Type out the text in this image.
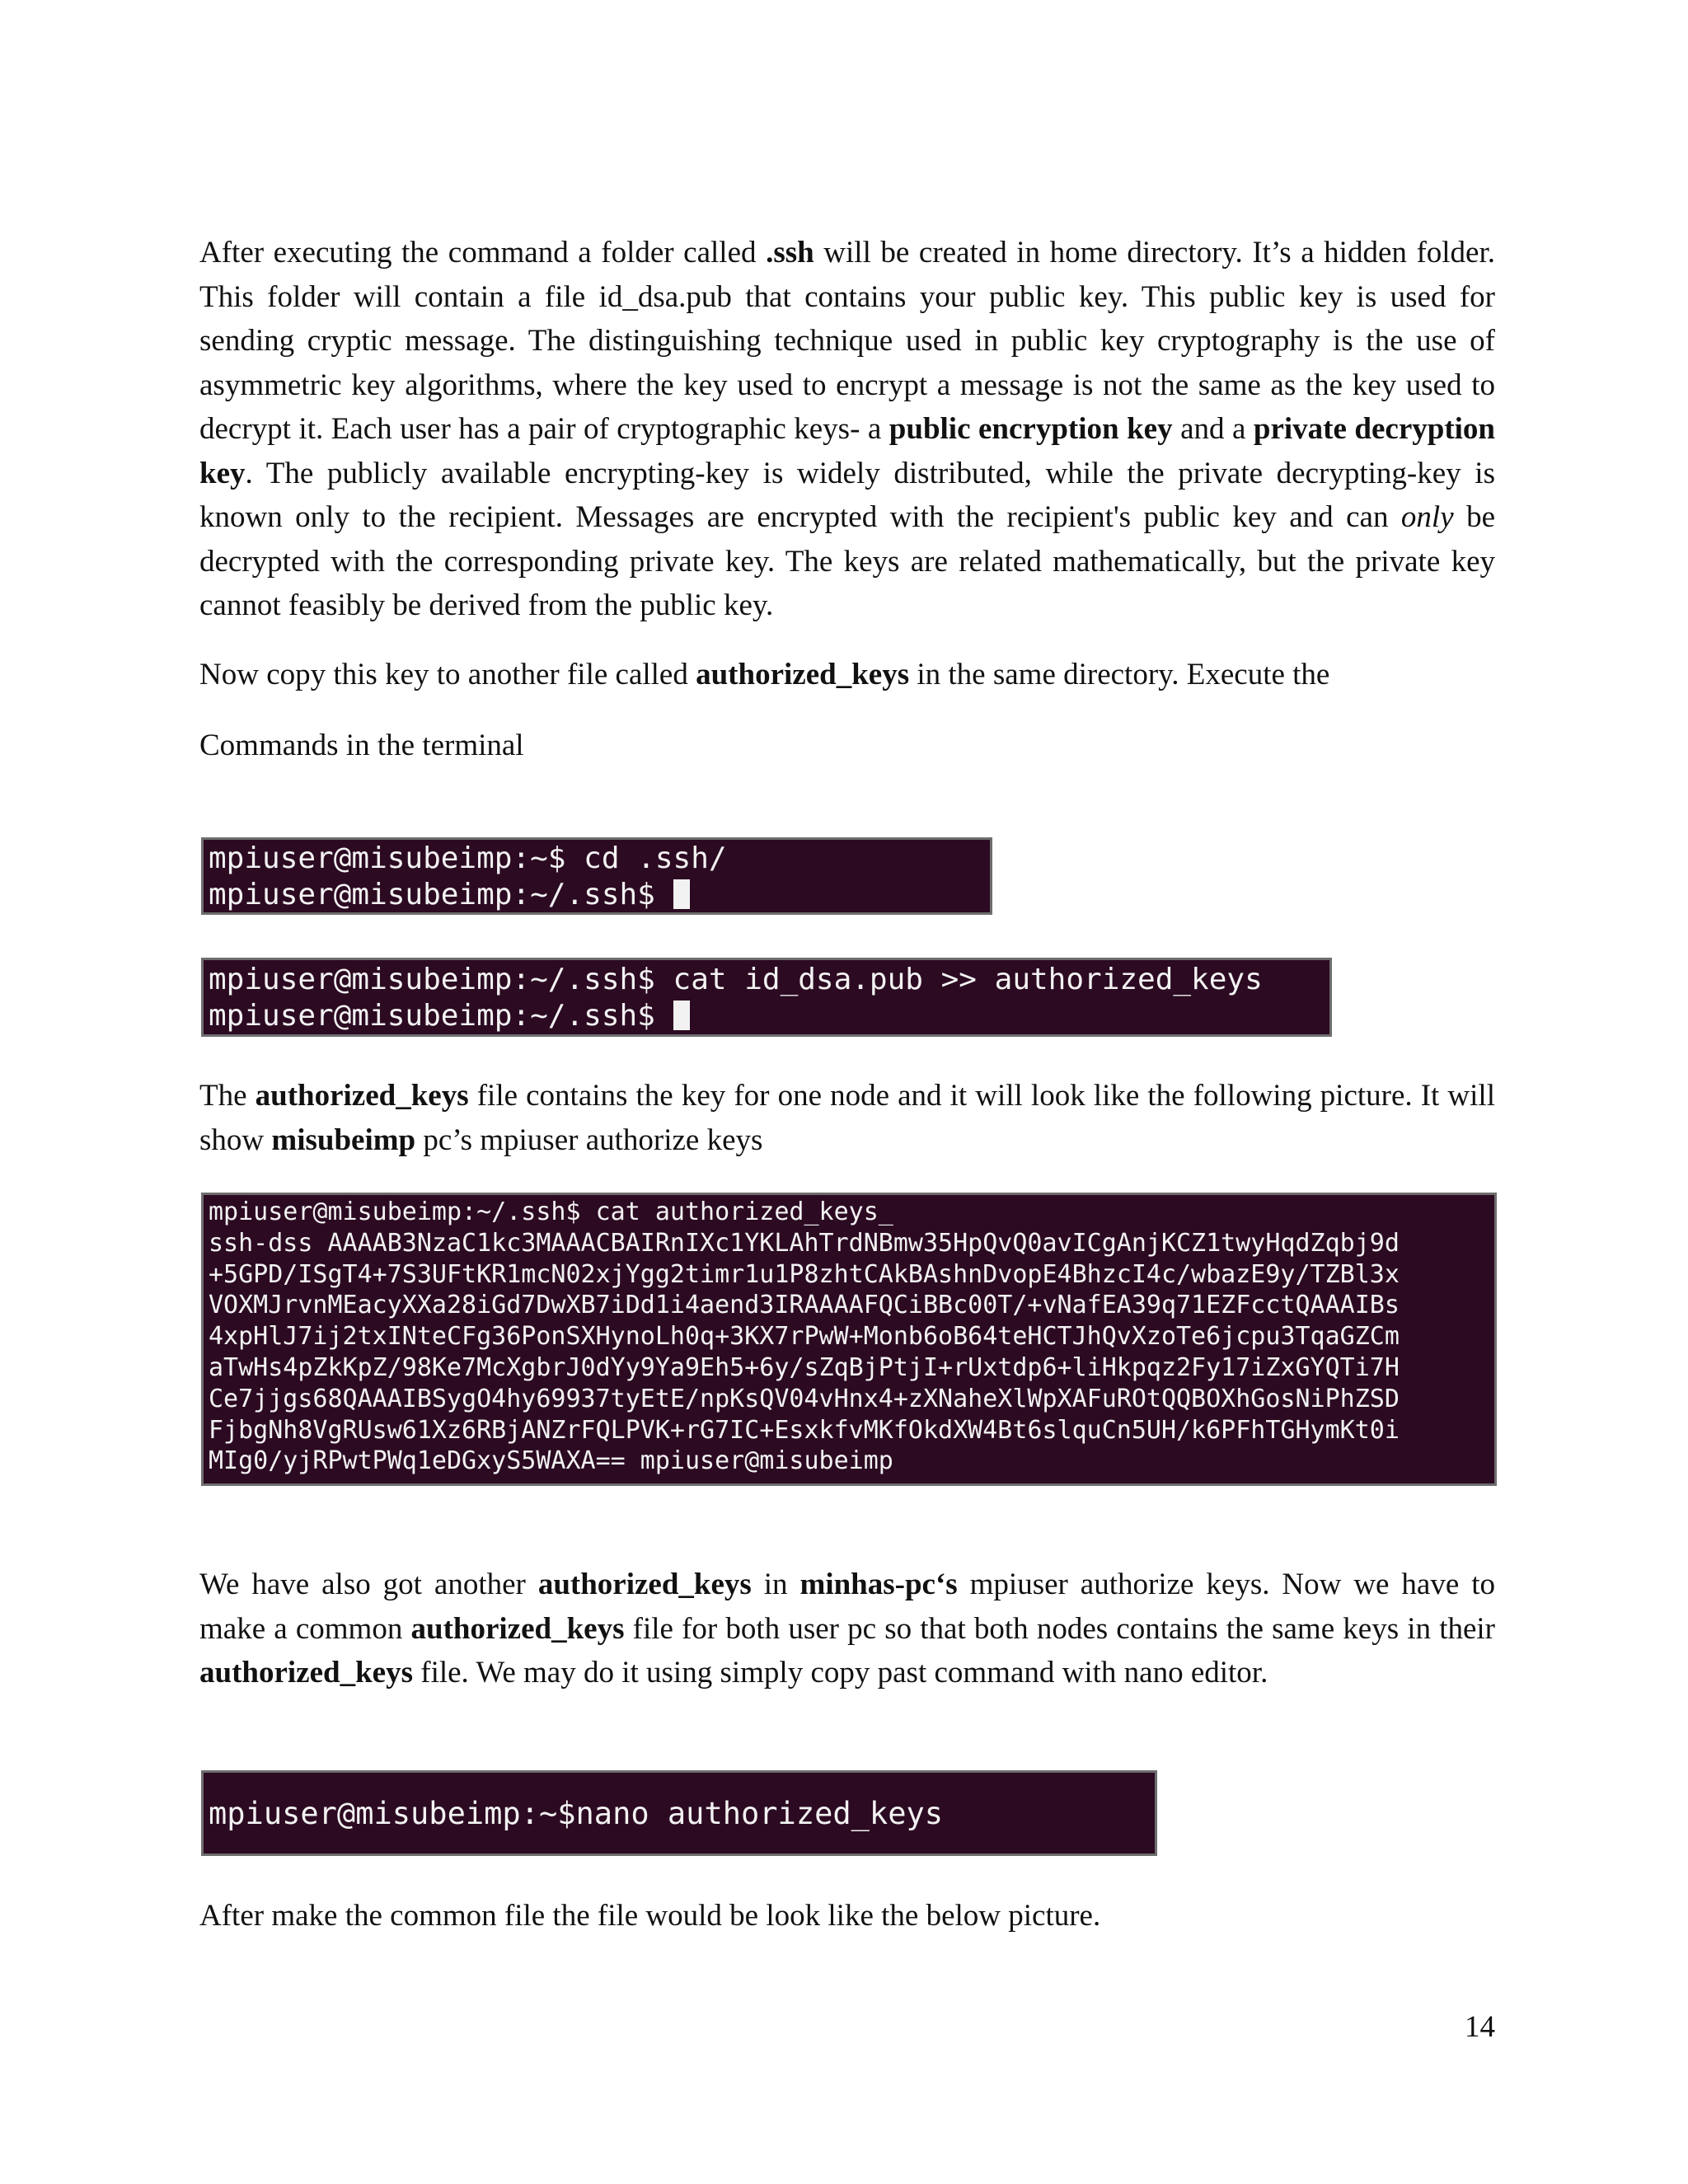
After executing the command a folder called .ssh will be created in home directory. It’s a hidden folder. This folder will contain a file id_dsa.pub that contains your public key. This public key is used for sending cryptic message. The distinguishing technique used in public key cryptography is the use of asymmetric key algorithms, where the key used to encrypt a message is not the same as the key used to decrypt it. Each user has a pair of cryptographic keys- a public encryption key and a private decryption key. The publicly available encrypting-key is widely distributed, while the private decrypting-key is known only to the recipient. Messages are encrypted with the recipient's public key and can only be decrypted with the corresponding private key. The keys are related mathematically, but the private key cannot feasibly be derived from the public key.

Now copy this key to another file called authorized_keys in the same directory. Execute the

Commands in the terminal

mpiuser@misubeimp:~$ cd .ssh/
mpiuser@misubeimp:~/.ssh$
mpiuser@misubeimp:~/.ssh$ cat id_dsa.pub >> authorized_keys
mpiuser@misubeimp:~/.ssh$

The authorized_keys file contains the key for one node and it will look like the following picture. It will show misubeimp pc’s mpiuser authorize keys

mpiuser@misubeimp:~/.ssh$ cat authorized_keys_
ssh-dss AAAAB3NzaC1kc3MAAACBAIRnIXc1YKLAhTrdNBmw35HpQvQ0avICgAnjKCZ1twyHqdZqbj9d
+5GPD/ISgT4+7S3UFtKR1mcN02xjYgg2timr1u1P8zhtCAkBAshnDvopE4BhzcI4c/wbazE9y/TZBl3x
VOXMJrvnMEacyXXa28iGd7DwXB7iDd1i4aend3IRAAAAFQCiBBc00T/+vNafEA39q71EZFcctQAAAIBs
4xpHlJ7ij2txINteCFg36PonSXHynoLh0q+3KX7rPwW+Monb6oB64teHCTJhQvXzoTe6jcpu3TqaGZCm
aTwHs4pZkKpZ/98Ke7McXgbrJ0dYy9Ya9Eh5+6y/sZqBjPtjI+rUxtdp6+liHkpqz2Fy17iZxGYQTi7H
Ce7jjgs68QAAAIBSygO4hy69937tyEtE/npKsQV04vHnx4+zXNaheXlWpXAFuROtQQBOXhGosNiPhZSD
FjbgNh8VgRUsw61Xz6RBjANZrFQLPVK+rG7IC+EsxkfvMKfOkdXW4Bt6slquCn5UH/k6PFhTGHymKt0i
MIg0/yjRPwtPWq1eDGxyS5WAXA== mpiuser@misubeimp

We have also got another authorized_keys in minhas-pc‘s mpiuser authorize keys. Now we have to make a common authorized_keys file for both user pc so that both nodes contains the same keys in their authorized_keys file. We may do it using simply copy past command with nano editor.

mpiuser@misubeimp:~$nano authorized_keys

After make the common file the file would be look like the below picture.

14
